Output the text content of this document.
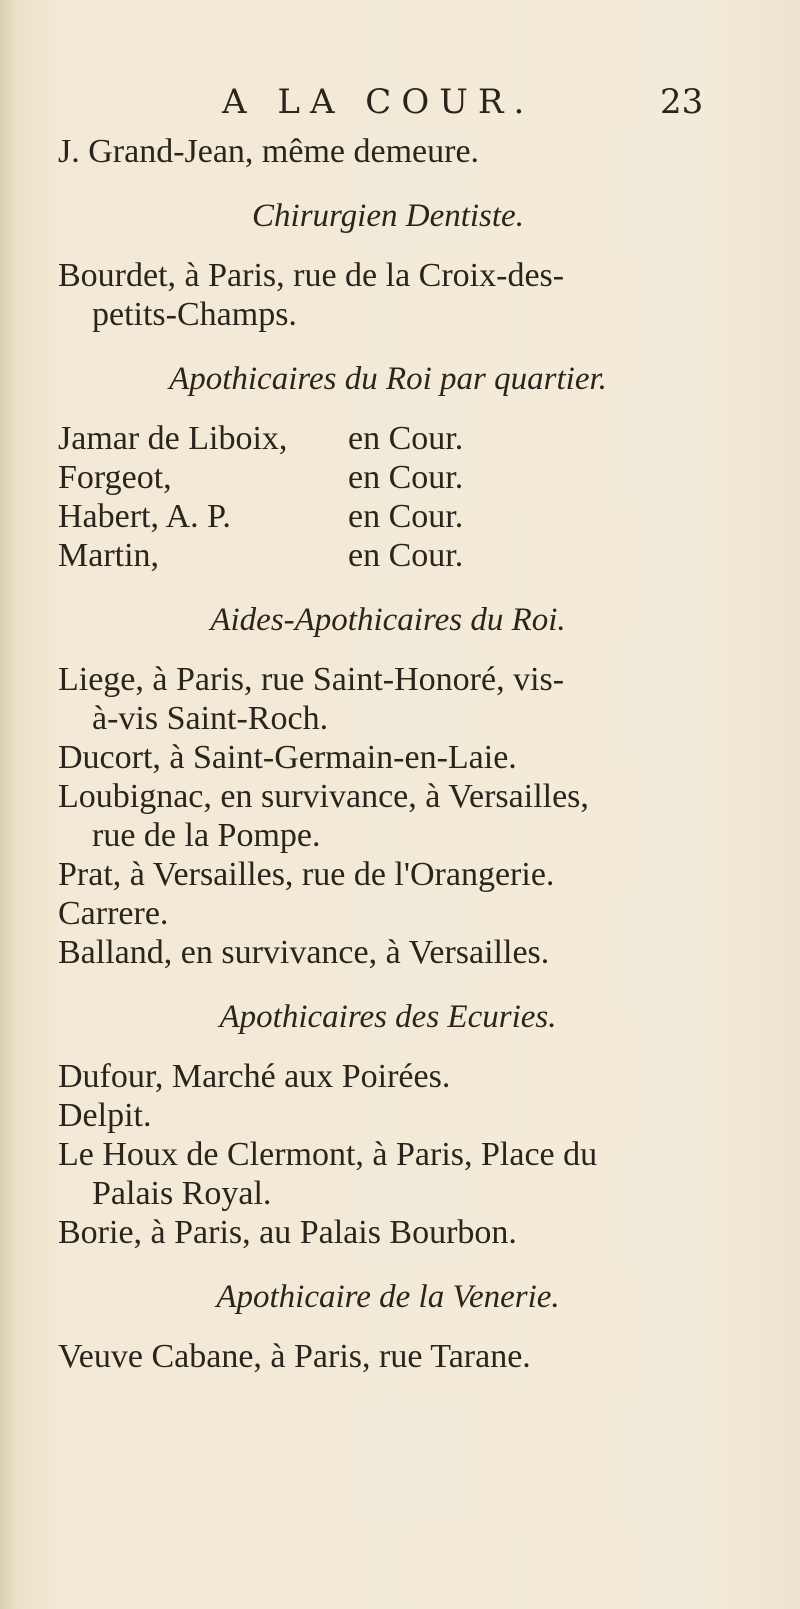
A LA COUR.	23
J. Grand-Jean, même demeure.
Chirurgien Dentiste.
Bourdet, à Paris, rue de la Croix-des-
petits-Champs.
Apothicaires du Roi par quartier.
Jamar de Liboix,	en Cour.
Forgeot,	en Cour.
Habert, A. P.	en Cour.
Martin,	en Cour.
Aides-Apothicaires du Roi.
Liege, à Paris, rue Saint-Honoré, vis-
à-vis Saint-Roch.
Ducort, à Saint-Germain-en-Laie.
Loubignac, en survivance, à Versailles,
rue de la Pompe.
Prat, à Versailles, rue de l'Orangerie.
Carrere.
Balland, en survivance, à Versailles.
Apothicaires des Ecuries.
Dufour, Marché aux Poirées.
Delpit.
Le Houx de Clermont, à Paris, Place du
Palais Royal.
Borie, à Paris, au Palais Bourbon.
Apothicaire de la Venerie.
Veuve Cabane, à Paris, rue Tarane.
